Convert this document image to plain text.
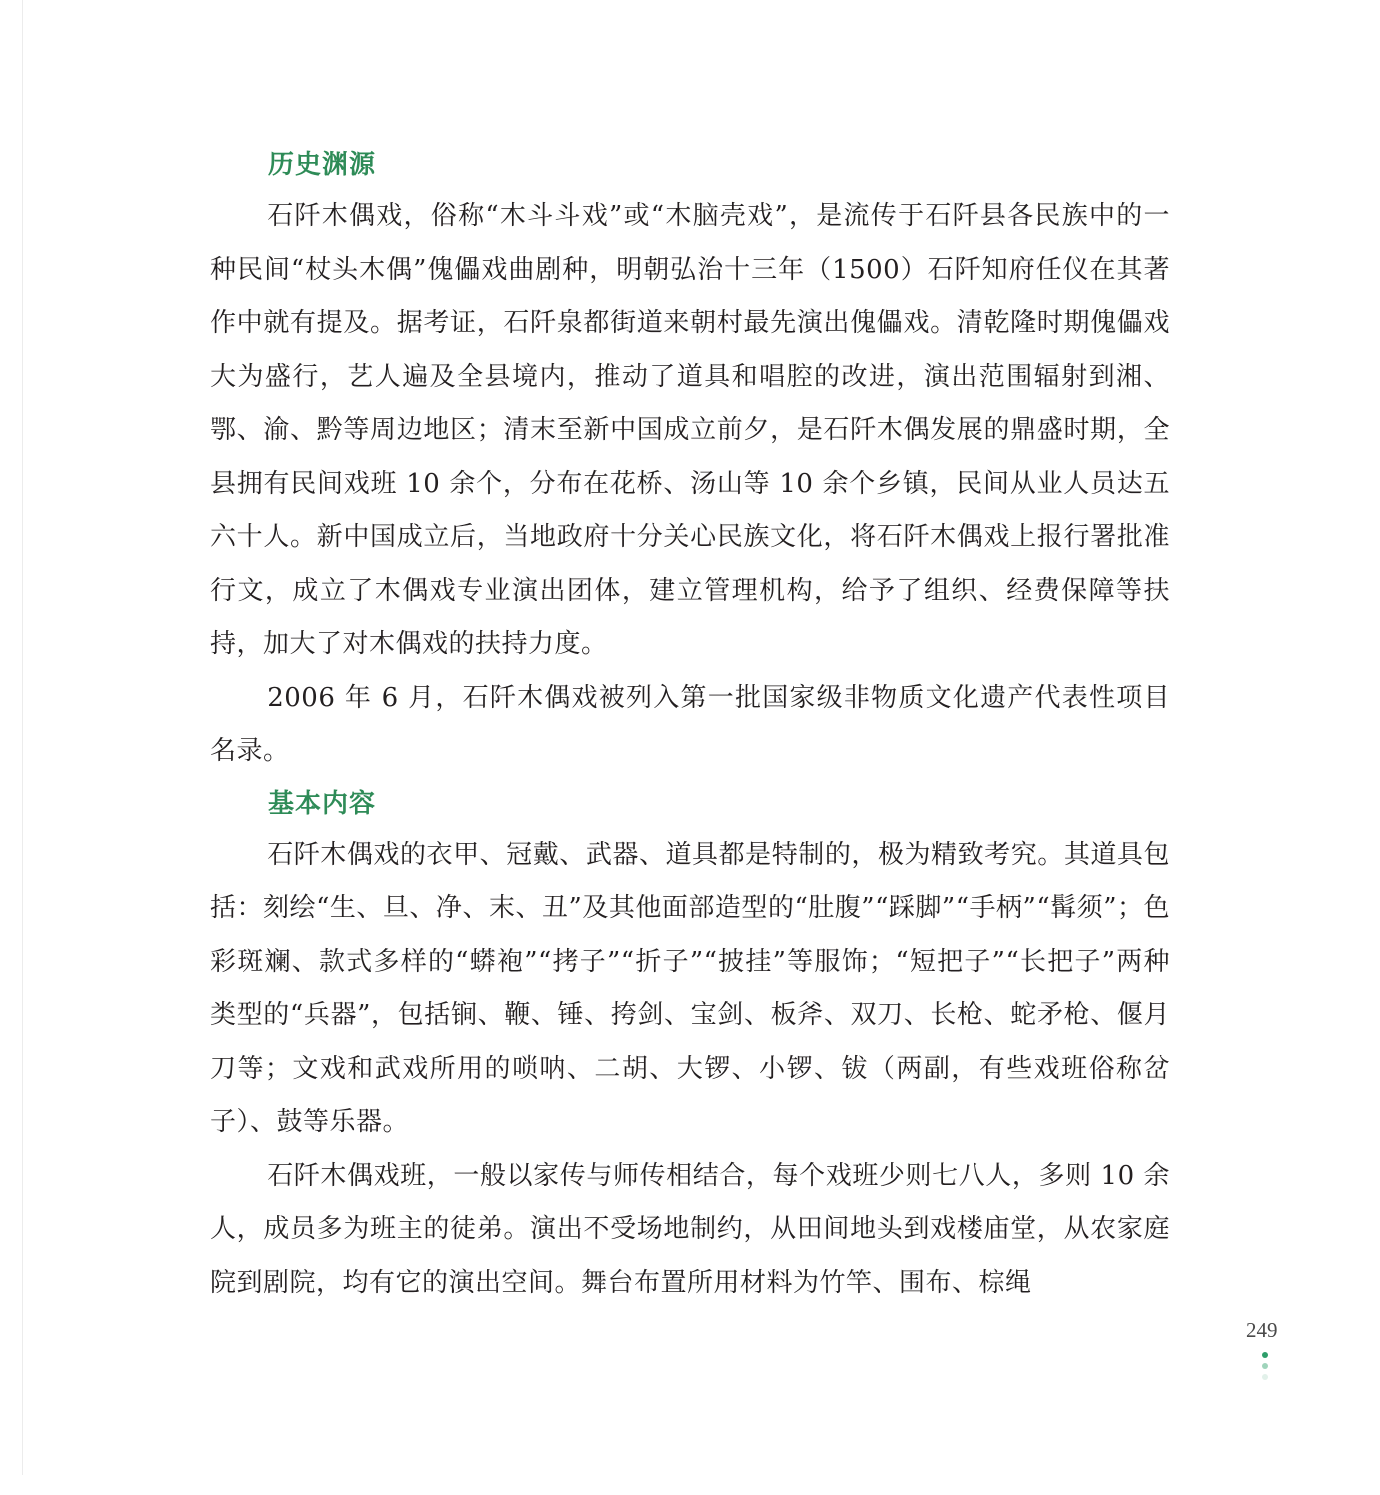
历史渊源

石阡木偶戏，俗称“木斗斗戏”或“木脑壳戏”，是流传于石阡县各民族中的一种民间“杖头木偶”傀儡戏曲剧种，明朝弘治十三年（1500）石阡知府任仪在其著作中就有提及。据考证，石阡泉都街道来朝村最先演出傀儡戏。清乾隆时期傀儡戏大为盛行，艺人遍及全县境内，推动了道具和唱腔的改进，演出范围辐射到湘、鄂、渝、黔等周边地区；清末至新中国成立前夕，是石阡木偶发展的鼎盛时期，全县拥有民间戏班 10 余个，分布在花桥、汤山等 10 余个乡镇，民间从业人员达五六十人。新中国成立后，当地政府十分关心民族文化，将石阡木偶戏上报行署批准行文，成立了木偶戏专业演出团体，建立管理机构，给予了组织、经费保障等扶持，加大了对木偶戏的扶持力度。

2006 年 6 月，石阡木偶戏被列入第一批国家级非物质文化遗产代表性项目名录。

基本内容

石阡木偶戏的衣甲、冠戴、武器、道具都是特制的，极为精致考究。其道具包括：刻绘“生、旦、净、末、丑”及其他面部造型的“肚腹”“踩脚”“手柄”“髯须”；色彩斑斓、款式多样的“蟒袍”“拷子”“折子”“披挂”等服饰；“短把子”“长把子”两种类型的“兵器”，包括锏、鞭、锤、挎剑、宝剑、板斧、双刀、长枪、蛇矛枪、偃月刀等；文戏和武戏所用的唢呐、二胡、大锣、小锣、钹（两副，有些戏班俗称岔子）、鼓等乐器。

石阡木偶戏班，一般以家传与师传相结合，每个戏班少则七八人，多则 10 余人，成员多为班主的徒弟。演出不受场地制约，从田间地头到戏楼庙堂，从农家庭院到剧院，均有它的演出空间。舞台布置所用材料为竹竿、围布、棕绳

249
